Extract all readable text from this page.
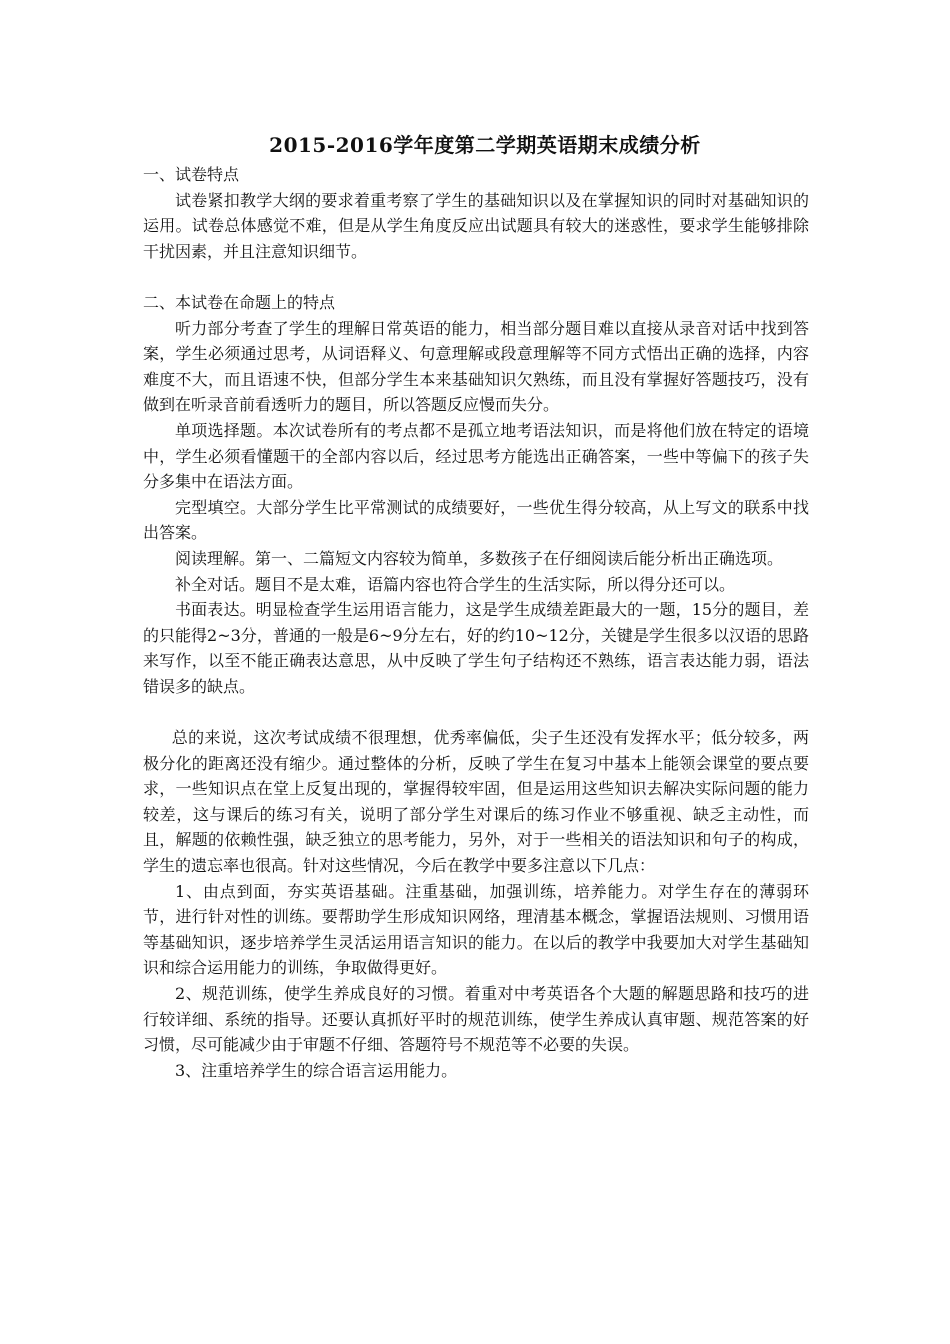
2015-2016学年度第二学期英语期末成绩分析

一、试卷特点

试卷紧扣教学大纲的要求着重考察了学生的基础知识以及在掌握知识的同时对基础知识的运用。试卷总体感觉不难，但是从学生角度反应出试题具有较大的迷惑性，要求学生能够排除干扰因素，并且注意知识细节。

二、本试卷在命题上的特点

听力部分考查了学生的理解日常英语的能力，相当部分题目难以直接从录音对话中找到答案，学生必须通过思考，从词语释义、句意理解或段意理解等不同方式悟出正确的选择，内容难度不大，而且语速不快，但部分学生本来基础知识欠熟练，而且没有掌握好答题技巧，没有做到在听录音前看透听力的题目，所以答题反应慢而失分。

单项选择题。本次试卷所有的考点都不是孤立地考语法知识，而是将他们放在特定的语境中，学生必须看懂题干的全部内容以后，经过思考方能选出正确答案，一些中等偏下的孩子失分多集中在语法方面。

完型填空。大部分学生比平常测试的成绩要好，一些优生得分较高，从上写文的联系中找出答案。

阅读理解。第一、二篇短文内容较为简单，多数孩子在仔细阅读后能分析出正确选项。

补全对话。题目不是太难，语篇内容也符合学生的生活实际，所以得分还可以。

书面表达。明显检查学生运用语言能力，这是学生成绩差距最大的一题，15分的题目，差的只能得2~3分，普通的一般是6~9分左右，好的约10~12分，关键是学生很多以汉语的思路来写作，以至不能正确表达意思，从中反映了学生句子结构还不熟练，语言表达能力弱，语法错误多的缺点。

总的来说，这次考试成绩不很理想，优秀率偏低，尖子生还没有发挥水平；低分较多，两极分化的距离还没有缩少。通过整体的分析，反映了学生在复习中基本上能领会课堂的要点要求，一些知识点在堂上反复出现的，掌握得较牢固，但是运用这些知识去解决实际问题的能力较差，这与课后的练习有关，说明了部分学生对课后的练习作业不够重视、缺乏主动性，而且，解题的依赖性强，缺乏独立的思考能力，另外，对于一些相关的语法知识和句子的构成，学生的遗忘率也很高。针对这些情况，今后在教学中要多注意以下几点：

1、由点到面，夯实英语基础。注重基础，加强训练，培养能力。对学生存在的薄弱环节，进行针对性的训练。要帮助学生形成知识网络，理清基本概念，掌握语法规则、习惯用语等基础知识，逐步培养学生灵活运用语言知识的能力。在以后的教学中我要加大对学生基础知识和综合运用能力的训练，争取做得更好。

2、规范训练，使学生养成良好的习惯。着重对中考英语各个大题的解题思路和技巧的进行较详细、系统的指导。还要认真抓好平时的规范训练，使学生养成认真审题、规范答案的好习惯，尽可能减少由于审题不仔细、答题符号不规范等不必要的失误。

3、注重培养学生的综合语言运用能力。
